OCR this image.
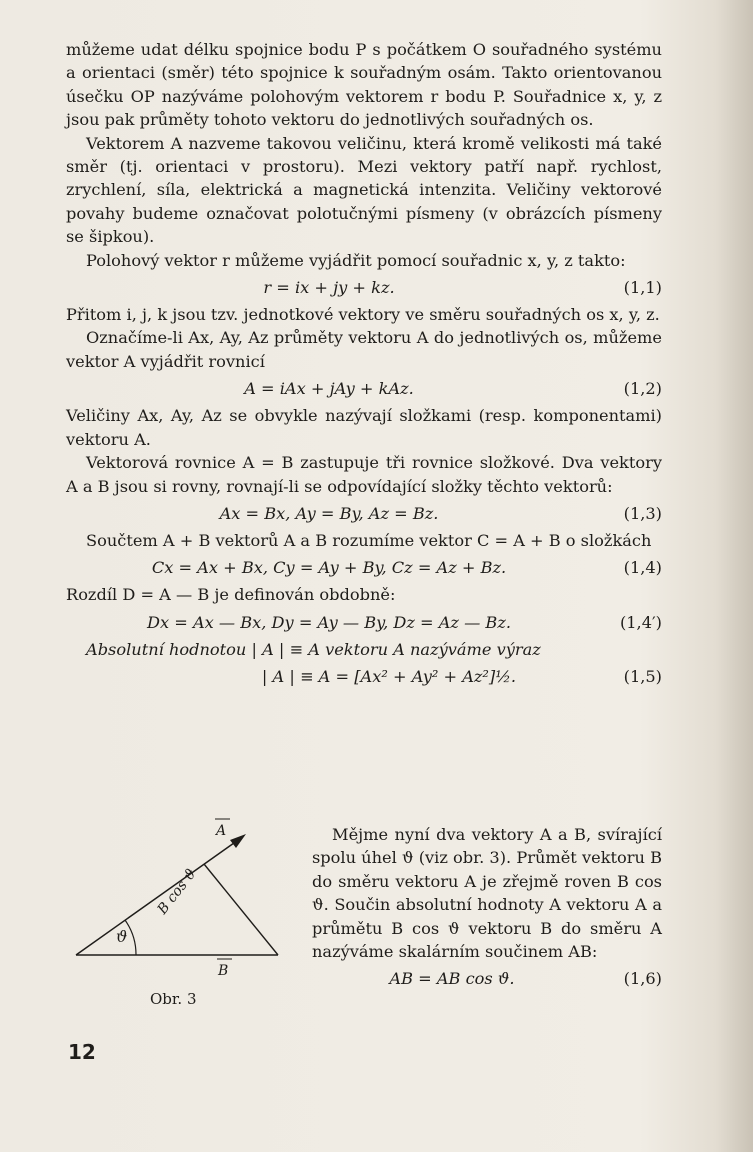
můžeme udat délku spojnice bodu P s počátkem O souřadného systému a orientaci (směr) této spojnice k souřadným osám. Takto orientovanou úsečku OP nazýváme polohovým vektorem r bodu P. Souřadnice x, y, z jsou pak průměty tohoto vektoru do jednotlivých souřadných os.

Vektorem A nazveme takovou veličinu, která kromě velikosti má také směr (tj. orientaci v prostoru). Mezi vektory patří např. rychlost, zrychlení, síla, elektrická a magnetická intenzita. Veličiny vektorové povahy budeme označovat polotučnými písmeny (v obrázcích písmeny se šipkou).

Polohový vektor r můžeme vyjádřit pomocí souřadnic x, y, z takto:

r = ix + jy + kz.	(1,1)

Přitom i, j, k jsou tzv. jednotkové vektory ve směru souřadných os x, y, z.

Označíme-li Ax, Ay, Az průměty vektoru A do jednotlivých os, můžeme vektor A vyjádřit rovnicí

A = iAx + jAy + kAz.	(1,2)

Veličiny Ax, Ay, Az se obvykle nazývají složkami (resp. komponentami) vektoru A.

Vektorová rovnice A = B zastupuje tři rovnice složkové. Dva vektory A a B jsou si rovny, rovnají-li se odpovídající složky těchto vektorů:

Ax = Bx, Ay = By, Az = Bz.	(1,3)

Součtem A + B vektorů A a B rozumíme vektor C = A + B o složkách

Cx = Ax + Bx, Cy = Ay + By, Cz = Az + Bz.	(1,4)

Rozdíl D = A — B je definován obdobně:

Dx = Ax — Bx, Dy = Ay — By, Dz = Az — Bz.	(1,4′)

Absolutní hodnotou | A | ≡ A vektoru A nazýváme výraz

| A | ≡ A = [Ax² + Ay² + Az²]½.	(1,5)
ϑ
A
B
B cos ϑ
Obr. 3

Mějme nyní dva vektory A a B, svírající spolu úhel ϑ (viz obr. 3). Průmět vektoru B do směru vektoru A je zřejmě roven B cos ϑ. Součin absolutní hodnoty A vektoru A a průmětu B cos ϑ vektoru B do směru A nazýváme skalárním součinem AB:

AB = AB cos ϑ.	(1,6)
12
